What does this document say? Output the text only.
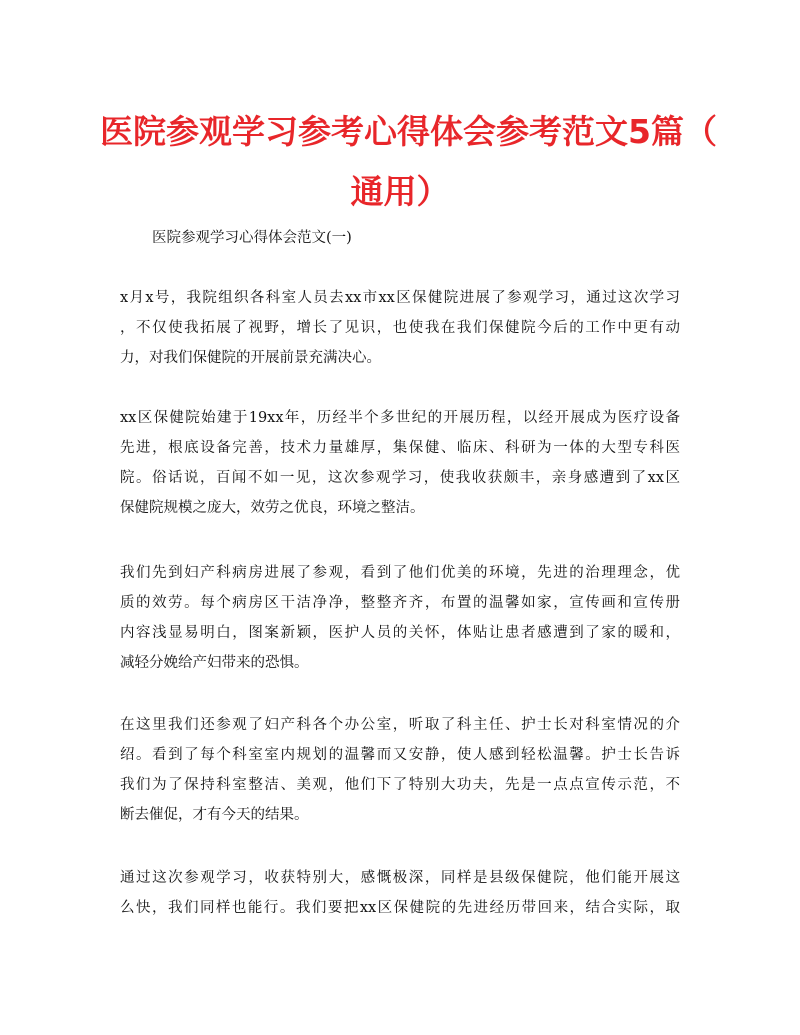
医院参观学习参考心得体会参考范文5篇（
通用）
医院参观学习心得体会范文(一)
x月x号，我院组织各科室人员去xx市xx区保健院进展了参观学习，通过这次学习
，不仅使我拓展了视野，增长了见识，也使我在我们保健院今后的工作中更有动
力，对我们保健院的开展前景充满决心。
xx区保健院始建于19xx年，历经半个多世纪的开展历程，以经开展成为医疗设备
先进，根底设备完善，技术力量雄厚，集保健、临床、科研为一体的大型专科医
院。俗话说，百闻不如一见，这次参观学习，使我收获颇丰，亲身感遭到了xx区
保健院规模之庞大，效劳之优良，环境之整洁。
我们先到妇产科病房进展了参观，看到了他们优美的环境，先进的治理理念，优
质的效劳。每个病房区干洁净净，整整齐齐，布置的温馨如家，宣传画和宣传册
内容浅显易明白，图案新颖，医护人员的关怀，体贴让患者感遭到了家的暖和，
减轻分娩给产妇带来的恐惧。
在这里我们还参观了妇产科各个办公室，听取了科主任、护士长对科室情况的介
绍。看到了每个科室室内规划的温馨而又安静，使人感到轻松温馨。护士长告诉
我们为了保持科室整洁、美观，他们下了特别大功夫，先是一点点宣传示范，不
断去催促，才有今天的结果。
通过这次参观学习，收获特别大，感慨极深，同样是县级保健院，他们能开展这
么快，我们同样也能行。我们要把xx区保健院的先进经历带回来，结合实际，取
